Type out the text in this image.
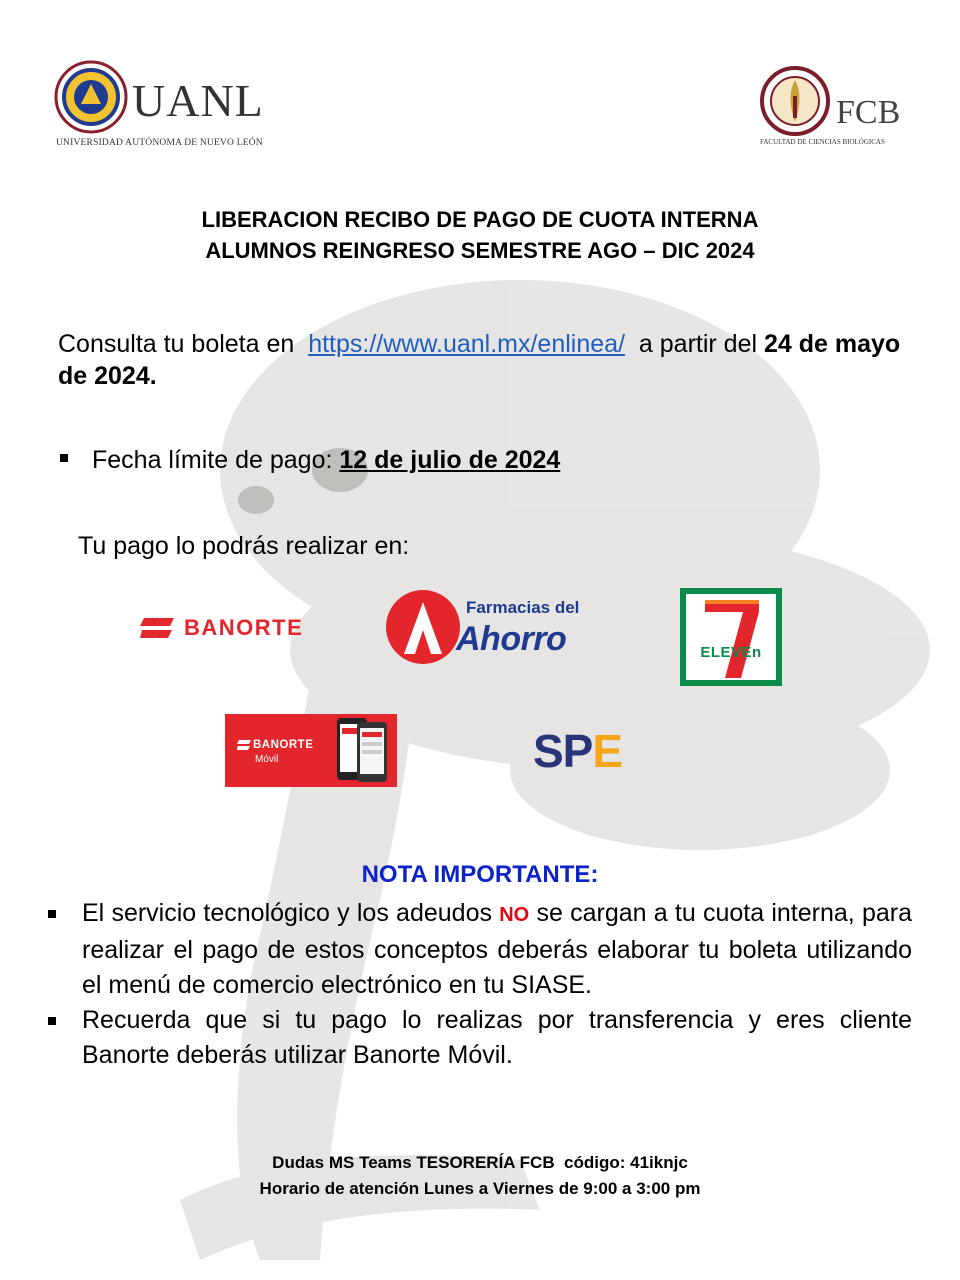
UANL
UNIVERSIDAD AUTÓNOMA DE NUEVO LEÓN
FCB
FACULTAD DE CIENCIAS BIOLÓGICAS
LIBERACION RECIBO DE PAGO DE CUOTA INTERNA
ALUMNOS REINGRESO SEMESTRE AGO – DIC 2024
Consulta tu boleta en https://www.uanl.mx/enlinea/ a partir del 24 de mayo de 2024.
Fecha límite de pago: 12 de julio de 2024
Tu pago lo podrás realizar en:
BANORTE
Farmacias del
Ahorro	ELEVEn
BANORTE
Móvil	SPE
NOTA IMPORTANTE:
El servicio tecnológico y los adeudos NO se cargan a tu cuota interna, para realizar el pago de estos conceptos deberás elaborar tu boleta utilizando el menú de comercio electrónico en tu SIASE.
Recuerda que si tu pago lo realizas por transferencia y eres cliente Banorte deberás utilizar Banorte Móvil.
Dudas MS Teams TESORERÍA FCB  código: 41iknjc
Horario de atención Lunes a Viernes de 9:00 a 3:00 pm
